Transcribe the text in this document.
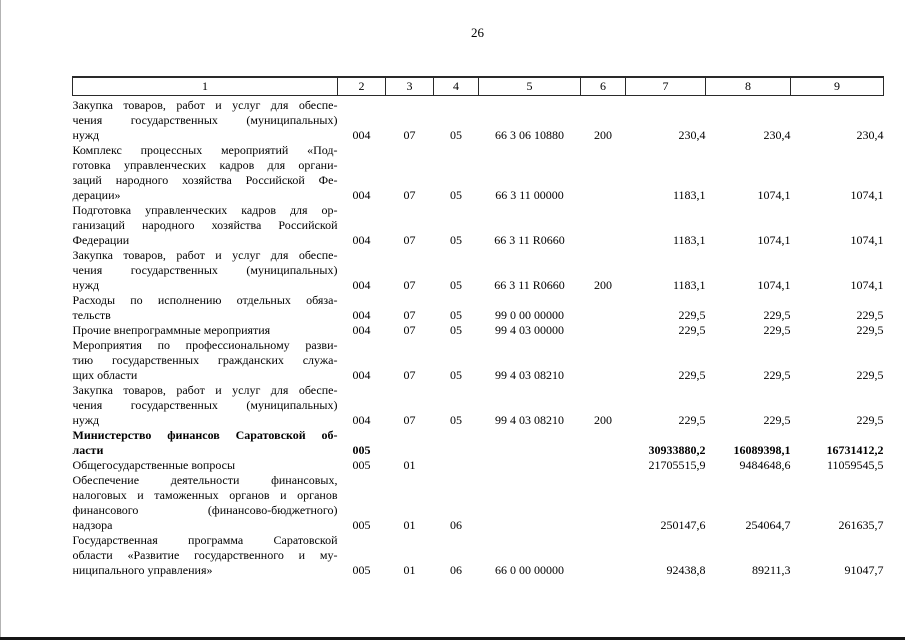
26
1	2	3	4	5	6	7	8	9

Закупка товаров, работ и услуг для обеспе-
чения государственных (муниципальных)
нужд	004	07	05	66 3 06 10880	200	230,4	230,4	230,4

Комплекс процессных мероприятий «Под-
готовка управленческих кадров для органи-
заций народного хозяйства Российской Фе-
дерации»	004	07	05	66 3 11 00000		1183,1	1074,1	1074,1

Подготовка управленческих кадров для ор-
ганизаций народного хозяйства Российской
Федерации	004	07	05	66 3 11 R0660		1183,1	1074,1	1074,1

Закупка товаров, работ и услуг для обеспе-
чения государственных (муниципальных)
нужд	004	07	05	66 3 11 R0660	200	1183,1	1074,1	1074,1

Расходы по исполнению отдельных обяза-
тельств	004	07	05	99 0 00 00000		229,5	229,5	229,5

Прочие внепрограммные мероприятия	004	07	05	99 4 03 00000		229,5	229,5	229,5

Мероприятия по профессиональному разви-
тию государственных гражданских служа-
щих области	004	07	05	99 4 03 08210		229,5	229,5	229,5

Закупка товаров, работ и услуг для обеспе-
чения государственных (муниципальных)
нужд	004	07	05	99 4 03 08210	200	229,5	229,5	229,5

Министерство финансов Саратовской об-
ласти	005					30933880,2	16089398,1	16731412,2

Общегосударственные вопросы	005	01				21705515,9	9484648,6	11059545,5

Обеспечение деятельности финансовых,
налоговых и таможенных органов и органов
финансового (финансово-бюджетного)
надзора	005	01	06			250147,6	254064,7	261635,7

Государственная программа Саратовской
области «Развитие государственного и му-
ниципального управления»	005	01	06	66 0 00 00000		92438,8	89211,3	91047,7
